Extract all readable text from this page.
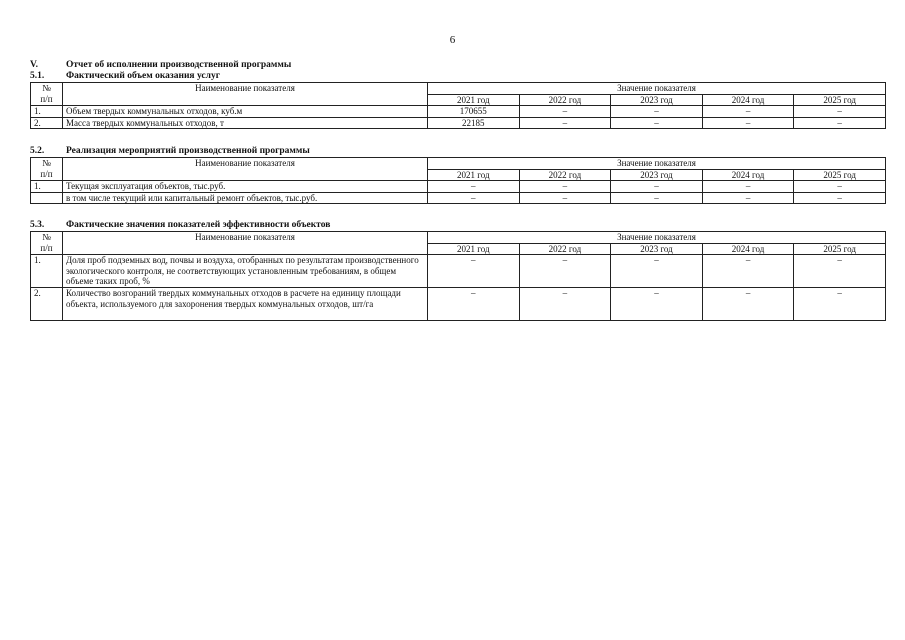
6
V.	Отчет об исполнении производственной программы
5.1. Фактический объем оказания услуг
№	Наименование показателя	Значение показателя				
п/п		2021 год	2022 год	2023 год	2024 год	2025 год
1.	Объем твердых коммунальных отходов, куб.м	170655	–	–	–	–
2.	Масса твердых коммунальных отходов, т	22185	–	–	–	–
5.2. Реализация мероприятий производственной программы
№	Наименование показателя	Значение показателя				
п/п		2021 год	2022 год	2023 год	2024 год	2025 год
1.	Текущая эксплуатация объектов, тыс.руб.	–	–	–	–	–
	в том числе текущий или капитальный ремонт объектов, тыс.руб.	–	–	–	–	–
5.3. Фактические значения показателей эффективности объектов
№	Наименование показателя	Значение показателя				
п/п		2021 год	2022 год	2023 год	2024 год	2025 год
1.	Доля проб подземных вод, почвы и воздуха, отобранных по результатам производственного экологического контроля, не соответствующих установленным требованиям, в общем объеме таких проб, %	–	–	–	–	–
2.	Количество возгораний твердых коммунальных отходов в расчете на единицу площади объекта, используемого для захоронения твердых коммунальных отходов, шт/га	–	–	–	–	–
